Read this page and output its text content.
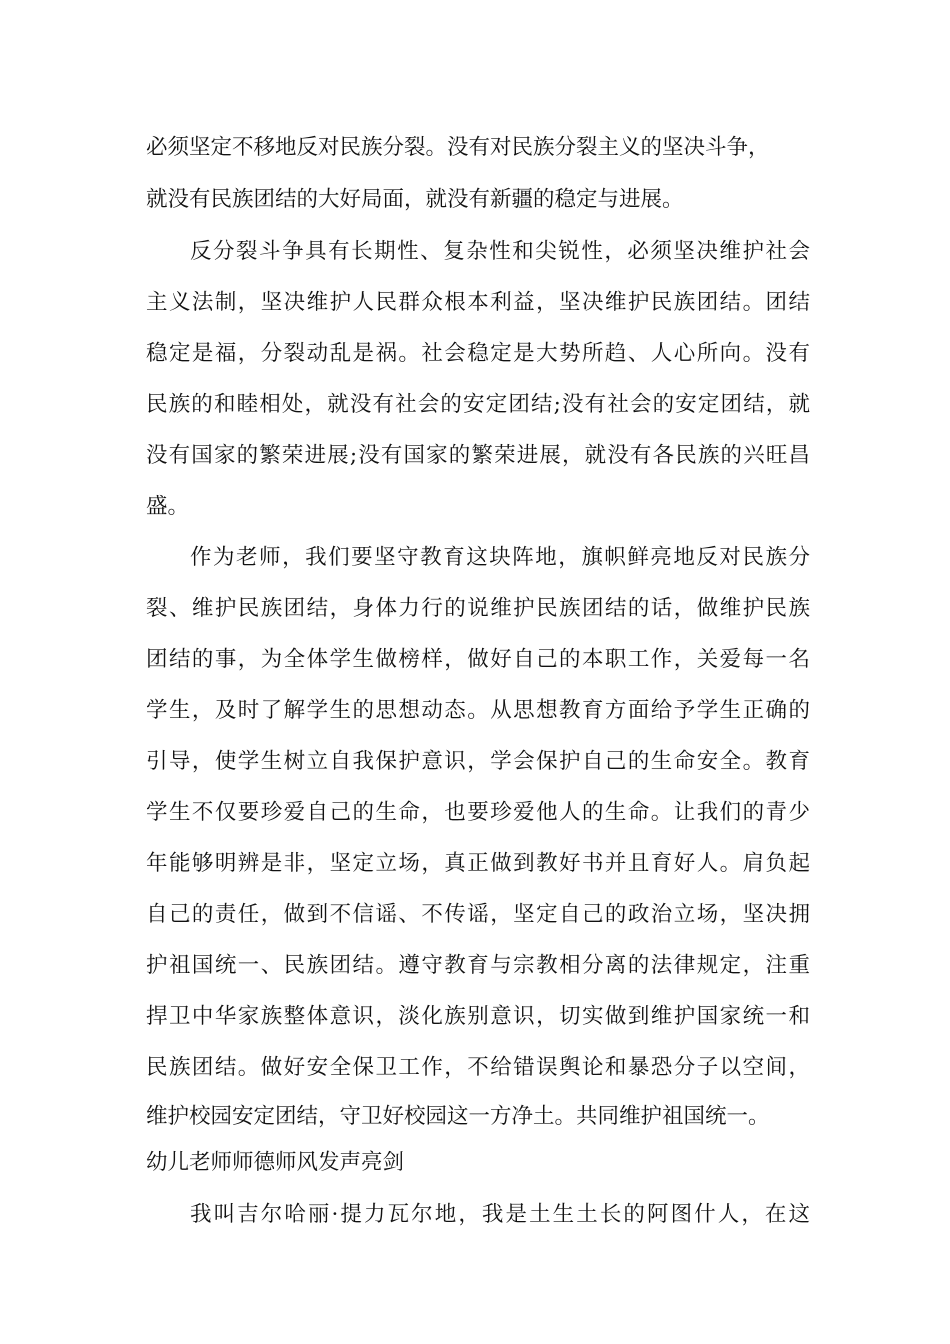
必须坚定不移地反对民族分裂。没有对民族分裂主义的坚决斗争，
就没有民族团结的大好局面，就没有新疆的稳定与进展。
反分裂斗争具有长期性、复杂性和尖锐性，必须坚决维护社会
主义法制，坚决维护人民群众根本利益，坚决维护民族团结。团结
稳定是福，分裂动乱是祸。社会稳定是大势所趋、人心所向。没有
民族的和睦相处，就没有社会的安定团结;没有社会的安定团结，就
没有国家的繁荣进展;没有国家的繁荣进展，就没有各民族的兴旺昌
盛。
作为老师，我们要坚守教育这块阵地，旗帜鲜亮地反对民族分
裂、维护民族团结，身体力行的说维护民族团结的话，做维护民族
团结的事，为全体学生做榜样，做好自己的本职工作，关爱每一名
学生，及时了解学生的思想动态。从思想教育方面给予学生正确的
引导，使学生树立自我保护意识，学会保护自己的生命安全。教育
学生不仅要珍爱自己的生命，也要珍爱他人的生命。让我们的青少
年能够明辨是非，坚定立场，真正做到教好书并且育好人。肩负起
自己的责任，做到不信谣、不传谣，坚定自己的政治立场，坚决拥
护祖国统一、民族团结。遵守教育与宗教相分离的法律规定，注重
捍卫中华家族整体意识，淡化族别意识，切实做到维护国家统一和
民族团结。做好安全保卫工作，不给错误舆论和暴恐分子以空间，
维护校园安定团结，守卫好校园这一方净土。共同维护祖国统一。
幼儿老师师德师风发声亮剑
我叫吉尔哈丽·提力瓦尔地，我是土生土长的阿图什人，在这
